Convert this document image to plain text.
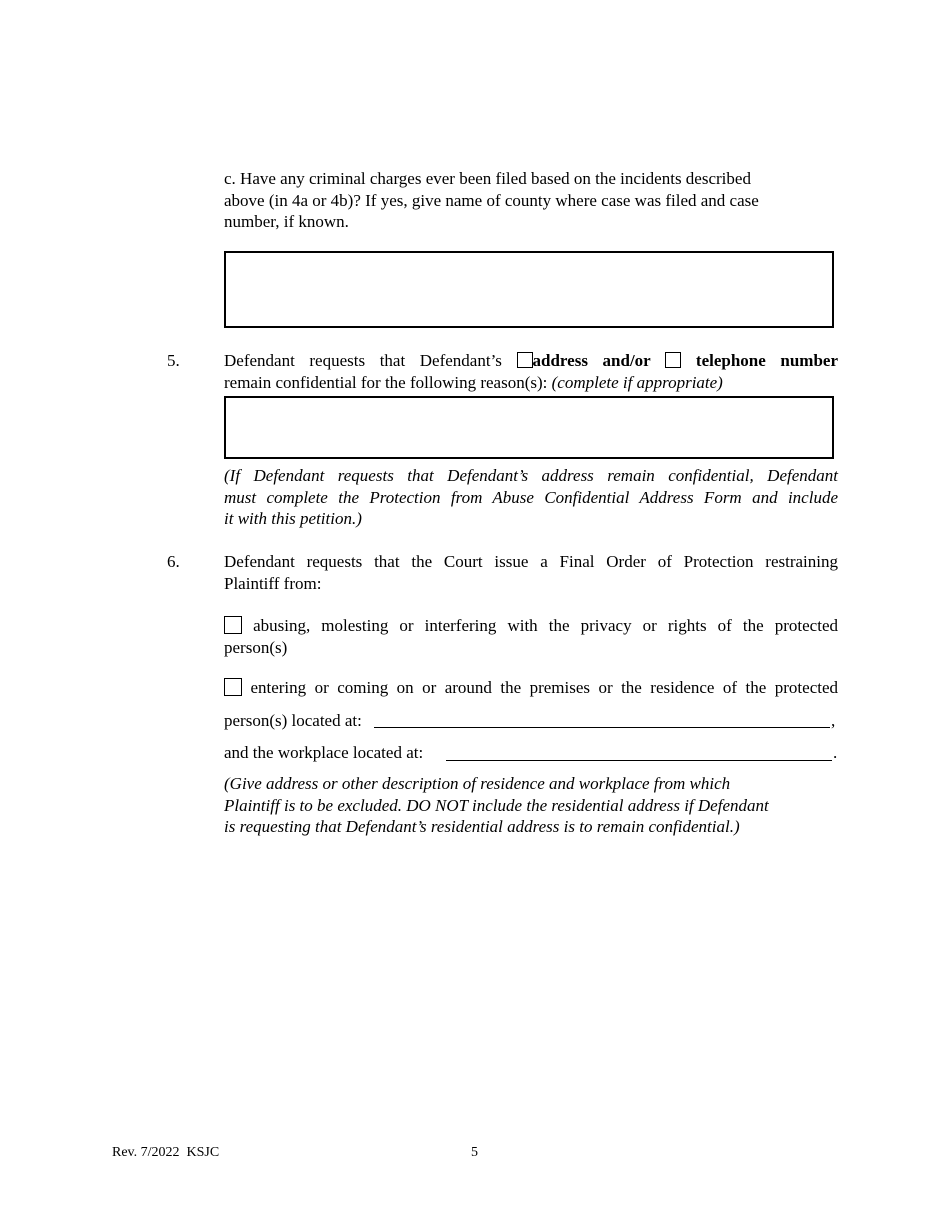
c. Have any criminal charges ever been filed based on the incidents described
above (in 4a or 4b)? If yes, give name of county where case was filed and case
number, if known.
5.	Defendant requests that Defendant’s address and/or	telephone number
remain confidential for the following reason(s): (complete if appropriate)
(If Defendant requests that Defendant’s address remain confidential, Defendant
must complete the Protection from Abuse Confidential Address Form and include
it with this petition.)
6.	Defendant requests that the Court issue a Final Order of Protection restraining
Plaintiff from:
abusing, molesting or interfering with the privacy or rights of the protected
person(s)
entering or coming on or around the premises or the residence of the protected
person(s) located at:	,
and the workplace located at:	.
(Give address or other description of residence and workplace from which
Plaintiff is to be excluded. DO NOT include the residential address if Defendant
is requesting that Defendant’s residential address is to remain confidential.)
Rev. 7/2022  KSJC	5
